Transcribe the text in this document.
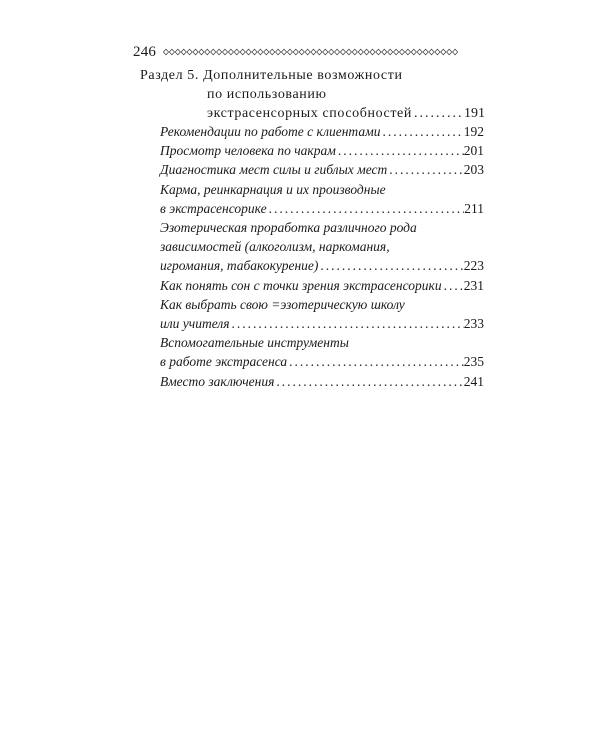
246
Раздел 5. Дополнительные возможности
по использованию
экстрасенсорных способностей .....	191
Рекомендации по работе с клиентами .....	192
Просмотр человека по чакрам .....	201
Диагностика мест силы и гиблых мест .....	203
Карма, реинкарнация и их производные
в экстрасенсорике .....	211
Эзотерическая проработка различного рода
зависимостей (алкоголизм, наркомания,
игромания, табакокурение) .....	223
Как понять сон с точки зрения экстрасенсорики ..... 231
Как выбрать свою =эзотерическую школу
или учителя .....	233
Вспомогательные инструменты
в работе экстрасенса .....	235
Вместо заключения .....	241
